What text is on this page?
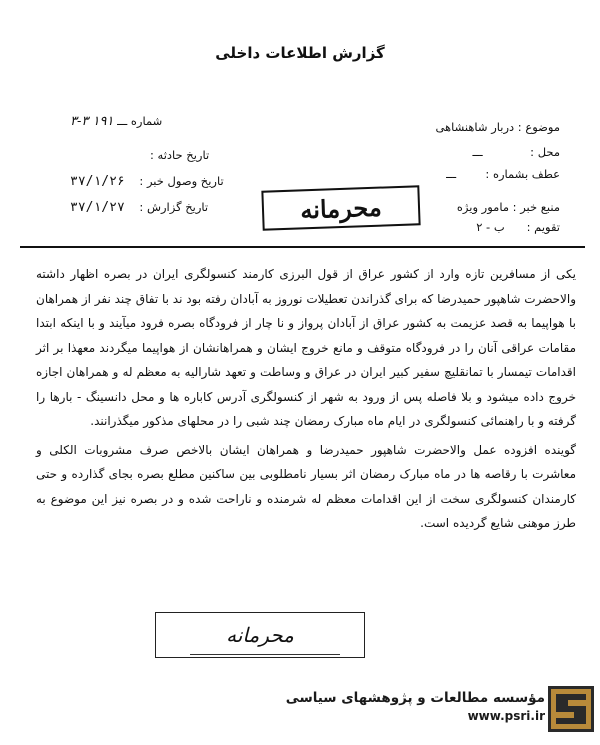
گزارش اطلاعات داخلی
موضوع : دربار شاهنشاهی
محل :             ـــ
عطف بشماره :        ـــ
منبع خبر : مامور ویژه
تقویم :      ب - ۲
شماره ـــ ۱۹۱ ۳-۳
تاریخ حادثه :
تاریخ وصول خبر :    ۳۷/۱/۲۶
تاریخ گزارش :    ۳۷/۱/۲۷	محرمانه

یکی از مسافرین تازه وارد از کشور عراق از قول البرزی کارمند کنسولگری ایران در بصره اظهار داشته والاحضرت شاهپور حمیدرضا که برای گذراندن تعطیلات نوروز به آبادان رفته بود ند با تفاق چند نفر از همراهان با هواپیما به قصد عزیمت به کشور عراق از آبادان پرواز و نا چار از فرودگاه بصره فرود میآیند و با اینکه ابتدا مقامات عراقی آنان را در فرودگاه متوقف و مانع خروج ایشان و همراهانشان از هواپیما میگردند معهذا بر اثر اقدامات تیمسار با تمانقلیچ سفیر کبیر ایران در عراق و وساطت و تعهد شارالیه به معظم له و همراهان اجازه خروج داده میشود و بلا فاصله پس از ورود به شهر از کنسولگری آدرس کاباره ها و محل دانسینگ - بارها را گرفته و با راهنمائی کنسولگری در ایام ماه مبارک رمضان چند شبی را در محلهای مذکور میگذرانند.

گوینده افزوده عمل والاحضرت شاهپور حمیدرضا و همراهان ایشان بالاخص صرف مشروبات الکلی و معاشرت با رقاصه ها در ماه مبارک رمضان اثر بسیار نامطلوبی بین ساکنین مطلع بصره بجای گذارده و حتی کارمندان کنسولگری سخت از این اقدامات معظم له شرمنده و ناراحت شده و در بصره نیز این موضوع به طرز موهنی شایع گردیده است.

محرمانه
مؤسسه مطالعات و پژوهشهای سیاسی
www.psri.ir
